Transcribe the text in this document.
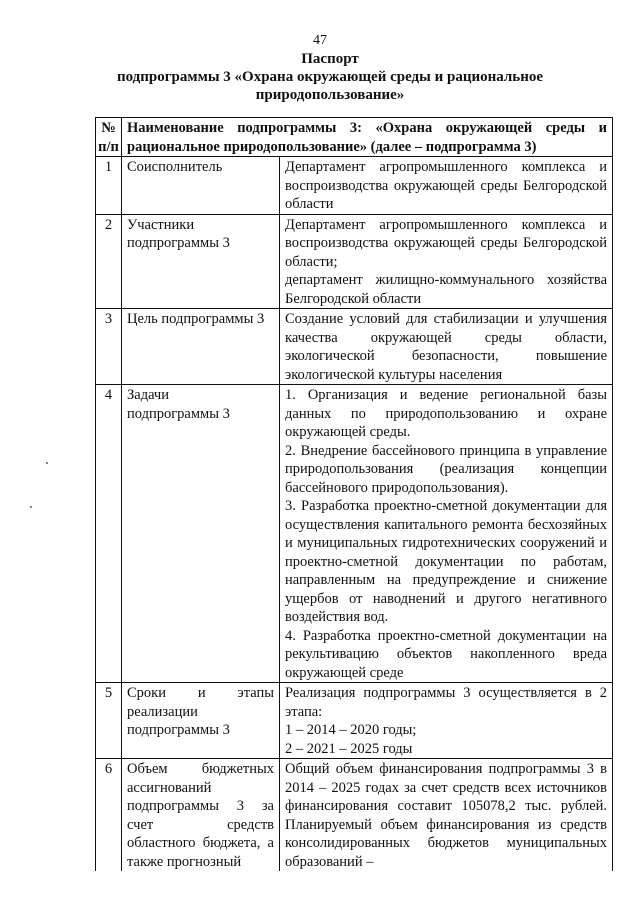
47
Паспорт
подпрограммы 3 «Охрана окружающей среды и рациональное
природопользование»
№
п/п	Наименование подпрограммы 3: «Охрана окружающей среды и рациональное природопользование» (далее – подпрограмма 3)	
1	Соисполнитель	Департамент агропромышленного комплекса и воспроизводства окружающей среды Белгородской области

2	Участники подпрограммы 3	Департамент агропромышленного комплекса и воспроизводства окружающей среды Белгородской области;
департамент жилищно-коммунального хозяйства Белгородской области

3	Цель подпрограммы 3	Создание условий для стабилизации и улучшения качества окружающей среды области, экологической безопасности, повышение экологической культуры населения

4	Задачи подпрограммы 3	1. Организация и ведение региональной базы данных по природопользованию и охране окружающей среды.
2. Внедрение бассейнового принципа в управление природопользования (реализация концепции бассейнового природопользования).
3. Разработка проектно-сметной документации для осуществления капитального ремонта бесхозяйных и муниципальных гидротехнических сооружений и проектно-сметной документации по работам, направленным на предупреждение и снижение ущербов от наводнений и другого негативного воздействия вод.
4. Разработка проектно-сметной документации на рекультивацию объектов накопленного вреда окружающей среде

5	Сроки и этапы реализации подпрограммы 3	Реализация подпрограммы 3 осуществляется в 2 этапа:
1 – 2014 – 2020 годы;
2 – 2021 – 2025 годы

6	Объем бюджетных ассигнований подпрограммы 3 за счет средств областного бюджета, а также прогнозный	Общий объем финансирования подпрограммы 3 в 2014 – 2025 годах за счет средств всех источников финансирования составит 105078,2 тыс. рублей. Планируемый объем финансирования из средств консолидированных бюджетов муниципальных образований –
